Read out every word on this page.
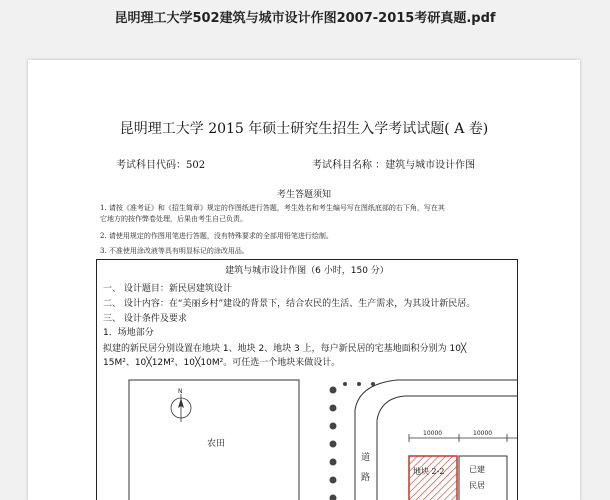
昆明理工大学502建筑与城市设计作图2007-2015考研真题.pdf
昆明理工大学 2015 年硕士研究生招生入学考试试题( A 卷)
考试科目代码：502	考试科目名称 ：建筑与城市设计作图
考生答题须知
1. 请按《准考证》和《招生简章》规定的作图纸进行答题，考生姓名和考生编号写在图纸底部的右下角，写在其
它地方的按作弊卷处理，后果由考生自己负责。
2. 请使用规定的作图用笔进行答题，没有特殊要求的全部用铅笔进行绘制。
3. 不准使用涂改液等具有明显标记的涂改用品。
建筑与城市设计作图（6 小时，150 分）
一、 设计题目：新民居建筑设计
二、 设计内容：在“美丽乡村”建设的背景下，结合农民的生活、生产需求，为其设计新民居。
三、 设计条件及要求
1．场地部分
拟建的新民居分别设置在地块 1、地块 2、地块 3 上，每户新民居的宅基地面积分别为 10╳
15M²、10╳12M²、10╳10M²。可任选一个地块来做设计。
农田
道
路
10000	10000
地块 2-2	已建
民居
N
